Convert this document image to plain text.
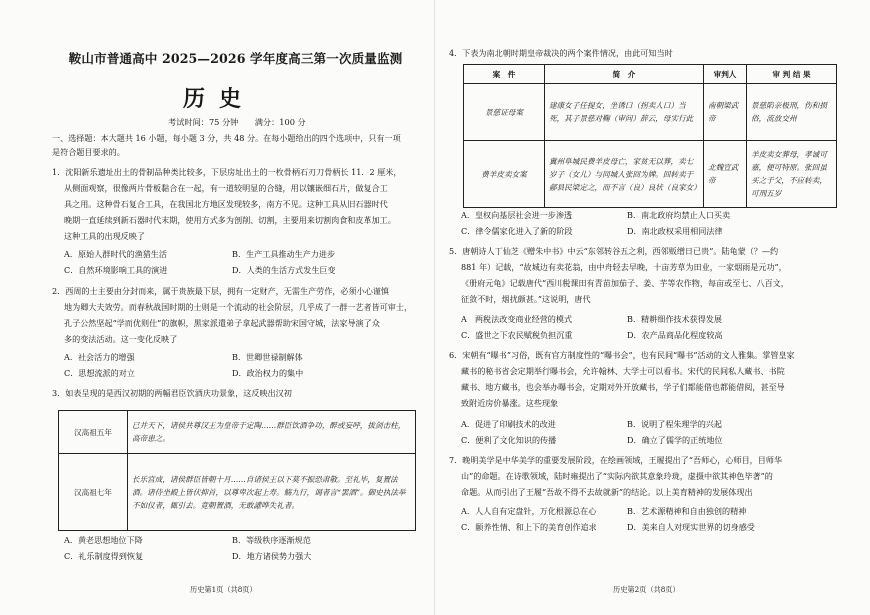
鞍山市普通高中 2025—2026 学年度高三第一次质量监测
历史
考试时间：75 分钟　　满分：100 分
一、选择题：本大题共 16 小题，每小题 3 分，共 48 分。在每小题给出的四个选项中，只有一项
是符合题目要求的。
1．沈阳新乐遗址出土的骨制品种类比较多，下层房址出土的一枚骨柄石刃刀骨柄长 11．2 厘米，
从侧面观察，很像两片骨板黏合在一起，有一道较明显的合缝，用以镶嵌细石片，做复合工
具之用。这种骨石复合工具，在我国北方地区发现较多，南方不见。这种工具从旧石器时代
晚期一直延续到新石器时代末期，使用方式多为剖削、切割，主要用来切割肉食和皮革加工。
这种工具的出现反映了
A．原始人群时代的渔猎生活	B．生产工具推动生产力进步
C．自然环境影响工具的演进	D．人类的生活方式发生巨变
2．西周的士主要由分封而来，属于贵族最下层，拥有一定财产，无需生产劳作，必须小心谨慎
地为卿大夫效劳。而春秋战国时期的士则是一个流动的社会阶层，几乎成了一群一艺者皆可审士，
孔子公然坚起“学而优则仕”的旗帜，黑家派遣弟子拿起武器帮助宋国守城，法家导演了众
多的变法活动。这一变化反映了
A．社会活力的增强	B．世卿世禄制解体
C．思想流派的对立	D．政治权力的集中
3．如表呈现的是西汉初期的两幅君臣饮酒庆功景象，这反映出汉初
汉高祖五年	已并天下，诸侯共尊汉王为皇帝于定陶……群臣饮酒争功，醉或妄呼，拔剑击柱，高帝患之。
汉高祖七年	长乐宫成，诸侯群臣皆朝十月……自诸侯王以下莫不振恐肃敬。至礼毕，复置法酒。诸侍坐殿上皆伏抑首，以尊卑次起上寿。觞九行，谒者言“罢酒”。御史执法举不如仪者，辄引去。竟朝置酒，无敢讙哗失礼者。
A．黄老思想地位下降	B．等级秩序逐渐规范
C．礼乐制度得到恢复	D．地方诸侯势力强大
历史第1页（共8页）
4．下表为南北朝时期皇帝裁决的两个案件情况，由此可知当时
案　件	简　介	审判人	审 判 结 果
景慈证母案	建康女子任提女，坐诱口（拐卖人口）当死，其子景慈对鞠（审问）辞云，母实行此	南朝梁武帝	景慈陷亲极刑，伤和损俗，流放交州
费羊皮卖女案	冀州阜城民费羊皮母亡，家贫无以葬，卖七岁子（女儿）与同城人张回为婢。回转卖于鄃县民梁定之，而不言（良）良状（良家女）	北魏宣武帝	羊皮卖女葬母，孝诚可嘉，便可特原。张回虽买之于父，不应转卖，可刑五岁
A．皇权向基层社会进一步渗透	B．南北政府均禁止人口买卖
C．律令儒家化进入了新的阶段	D．南北政权采用相同法律
5．唐朝诗人丁仙芝《赠朱中书》中云“东邻转谷五之利，西邻贩缯日已贵”。陆龟蒙（？—约
881 年）记载，“故城边有卖花翁，由中舟轻去早晚，十亩芳草为田业，一家烟雨是元功”，
《册府元龟》记载唐代“西川税课田有青苗加茄子、姜、芋等农作物，每亩或至七、八百文，
征敛不时，烟扰颇甚。”这说明，唐代
A　两税法改变商业经营的模式	B．精耕细作技术获得发展
C．盛世之下农民赋税负担沉重	D．农产品商品化程度较高
6．宋朝有“曝书”习俗，既有官方制度性的“曝书会”，也有民间“曝书”活动的文人雅集。掌管皇家
藏书的秘书省会定期举行曝书会，允许翰林、大学士可以看书。宋代的民间私人藏书、书院
藏书、地方藏书，也会举办曝书会，定期对外开放藏书，学子们都能借也都能借阅，甚至导
致附近房价暴涨。这些现象
A．促进了印刷技术的改进	B．说明了程朱理学的兴起
C．便利了文化知识的传播	D．确立了儒学的正统地位
7．晚明美学是中华美学的重要发展阶段，在绘画领域，王履提出了“吾师心，心师目，目师华
山”的命题。在诗歌领域，陆时雍提出了“实际内欲其意象玲珑，虚摄中欲其神色毕著”的
命题。从而引出了王履“吾故不得不去故就新”的结论。以上美育精神的发展体现出
A．人人自有定盘针，万化根源总在心	B．艺术源精神和自由独创的精神
C．颐养性情、和上下的美育创作追求	D．美来自人对现实世界的切身感受
历史第2页（共8页）
